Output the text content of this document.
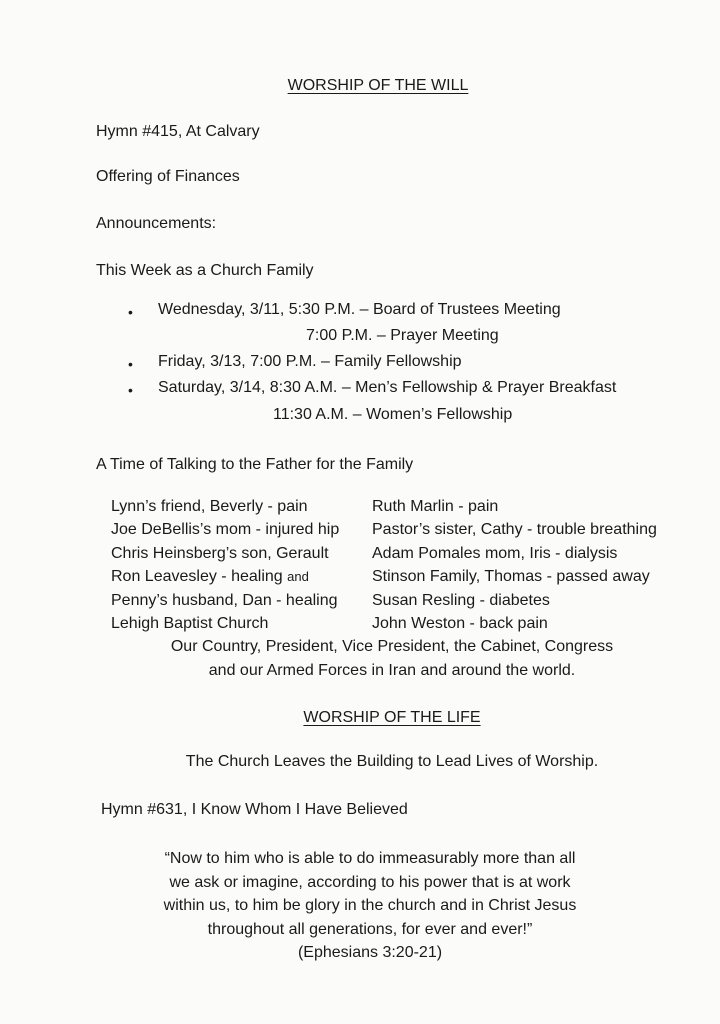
WORSHIP OF THE WILL
Hymn #415, At Calvary
Offering of Finances
Announcements:
This Week as a Church Family
• Wednesday, 3/11, 5:30 P.M. – Board of Trustees Meeting
7:00 P.M. – Prayer Meeting
• Friday, 3/13, 7:00 P.M. – Family Fellowship
• Saturday, 3/14, 8:30 A.M. – Men’s Fellowship & Prayer Breakfast
11:30 A.M. – Women’s Fellowship
A Time of Talking to the Father for the Family
Lynn’s friend, Beverly - pain
Joe DeBellis’s mom - injured hip
Chris Heinsberg’s son, Gerault
Ron Leavesley - healing and
Penny’s husband, Dan - healing
Lehigh Baptist Church
Ruth Marlin - pain
Pastor’s sister, Cathy - trouble breathing
Adam Pomales mom, Iris - dialysis
Stinson Family, Thomas - passed away
Susan Resling - diabetes
John Weston - back pain
Our Country, President, Vice President, the Cabinet, Congress
and our Armed Forces in Iran and around the world.
WORSHIP OF THE LIFE
The Church Leaves the Building to Lead Lives of Worship.
Hymn #631, I Know Whom I Have Believed
“Now to him who is able to do immeasurably more than all
we ask or imagine, according to his power that is at work
within us, to him be glory in the church and in Christ Jesus
throughout all generations, for ever and ever!”
(Ephesians 3:20-21)
